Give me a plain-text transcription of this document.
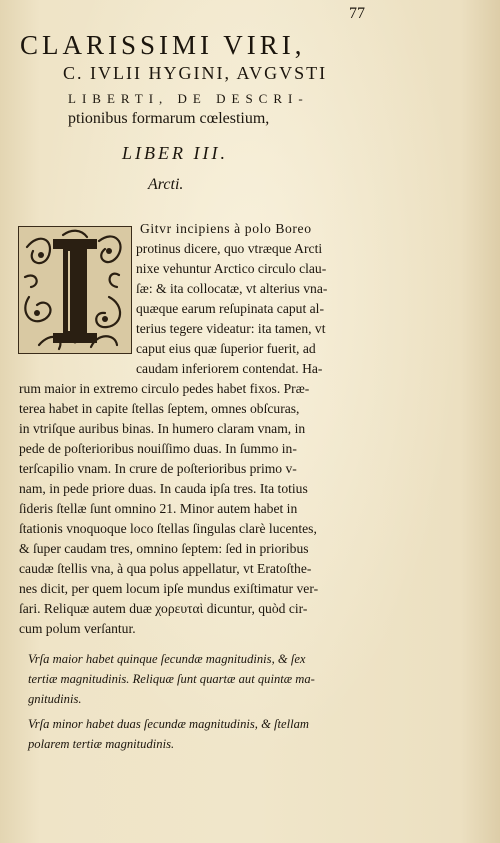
77
CLARISSIMI VIRI,
C. IVLII HYGINI, AVGVSTI
LIBERTI, DE DESCRI-
ptionibus formarum cœlestium,
LIBER III.
Arcti.
Gitvr incipiens à polo Boreo
protinus dicere, quo vtræque Arcti
nixe vehuntur Arctico circulo clau-
ſæ: & ita collocatæ, vt alterius vna-
quæque earum reſupinata caput al-
terius tegere videatur: ita tamen, vt
caput eius quæ ſuperior fuerit, ad
caudam inferiorem contendat. Ha-
rum maior in extremo circulo pedes habet fixos. Præ-
terea habet in capite ſtellas ſeptem, omnes obſcuras,
in vtriſque auribus binas. In humero claram vnam, in
pede de poſterioribus nouiſſimo duas. In ſummo in-
terſcapilio vnam. In crure de poſterioribus primo v-
nam, in pede priore duas. In cauda ipſa tres. Ita totius
ſideris ſtellæ ſunt omnino 21. Minor autem habet in
ſtationis vnoquoque loco ſtellas ſingulas clarè lucentes,
& ſuper caudam tres, omnino ſeptem: ſed in prioribus
caudæ ſtellis vna, à qua polus appellatur, vt Eratoſthe-
nes dicit, per quem locum ipſe mundus exiſtimatur ver-
ſari. Reliquæ autem duæ χορευταὶ dicuntur, quòd cir-
cum polum verſantur.
Vrſa maior habet quinque ſecundæ magnitudinis, & ſex
tertiæ magnitudinis. Reliquæ ſunt quartæ aut quintæ ma-
gnitudinis.
Vrſa minor habet duas ſecundæ magnitudinis, & ſtellam
polarem tertiæ magnitudinis.
